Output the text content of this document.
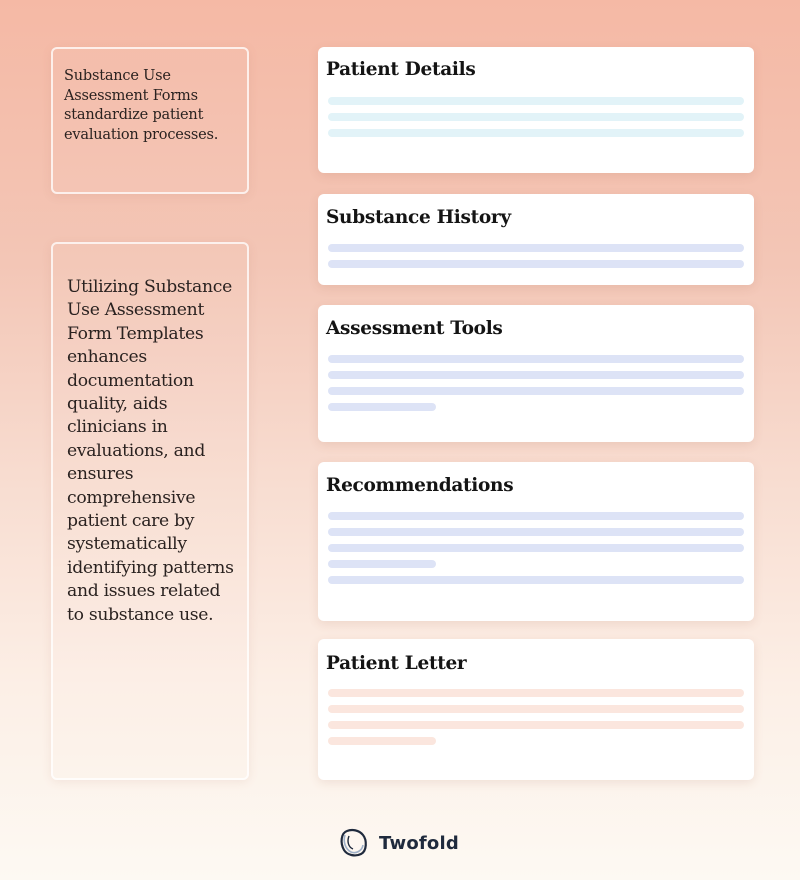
Substance Use Assessment Forms standardize patient evaluation processes.

Utilizing Substance Use Assessment Form Templates enhances documentation quality, aids clinicians in evaluations, and ensures comprehensive patient care by systematically identifying patterns and issues related to substance use.

Patient Details
Substance History
Assessment Tools
Recommendations
Patient Letter
Twofold
